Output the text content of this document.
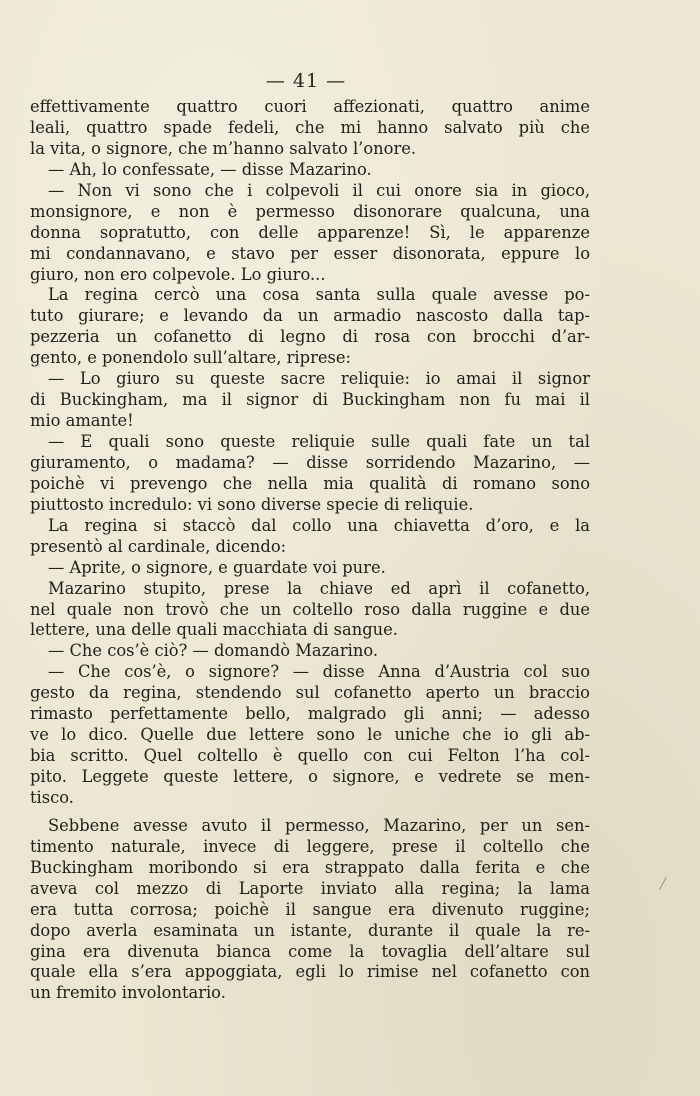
— 41 —
effettivamente quattro cuori affezionati, quattro anime
leali, quattro spade fedeli, che mi hanno salvato più che
la vita, o signore, che m’hanno salvato l’onore.
— Ah, lo confessate, — disse Mazarino.
— Non vi sono che i colpevoli il cui onore sia in gioco,
monsignore, e non è permesso disonorare qualcuna, una
donna sopratutto, con delle apparenze! Sì, le apparenze
mi condannavano, e stavo per esser disonorata, eppure lo
giuro, non ero colpevole. Lo giuro...
La regina cercò una cosa santa sulla quale avesse po-
tuto giurare; e levando da un armadio nascosto dalla tap-
pezzeria un cofanetto di legno di rosa con brocchi d’ar-
gento, e ponendolo sull’altare, riprese:
— Lo giuro su queste sacre reliquie: io amai il signor
di Buckingham, ma il signor di Buckingham non fu mai il
mio amante!
— E quali sono queste reliquie sulle quali fate un tal
giuramento, o madama? — disse sorridendo Mazarino, —
poichè vi prevengo che nella mia qualità di romano sono
piuttosto incredulo: vi sono diverse specie di reliquie.
La regina si staccò dal collo una chiavetta d’oro, e la
presentò al cardinale, dicendo:
— Aprite, o signore, e guardate voi pure.
Mazarino stupito, prese la chiave ed aprì il cofanetto,
nel quale non trovò che un coltello roso dalla ruggine e due
lettere, una delle quali macchiata di sangue.
— Che cos’è ciò? — domandò Mazarino.
— Che cos’è, o signore? — disse Anna d’Austria col suo
gesto da regina, stendendo sul cofanetto aperto un braccio
rimasto perfettamente bello, malgrado gli anni; — adesso
ve lo dico. Quelle due lettere sono le uniche che io gli ab-
bia scritto. Quel coltello è quello con cui Felton l’ha col-
pito. Leggete queste lettere, o signore, e vedrete se men-
tisco.
Sebbene avesse avuto il permesso, Mazarino, per un sen-
timento naturale, invece di leggere, prese il coltello che
Buckingham moribondo si era strappato dalla ferita e che
aveva col mezzo di Laporte inviato alla regina; la lama
era tutta corrosa; poichè il sangue era divenuto ruggine;
dopo averla esaminata un istante, durante il quale la re-
gina era divenuta bianca come la tovaglia dell’altare sul
quale ella s’era appoggiata, egli lo rimise nel cofanetto con
un fremito involontario.
